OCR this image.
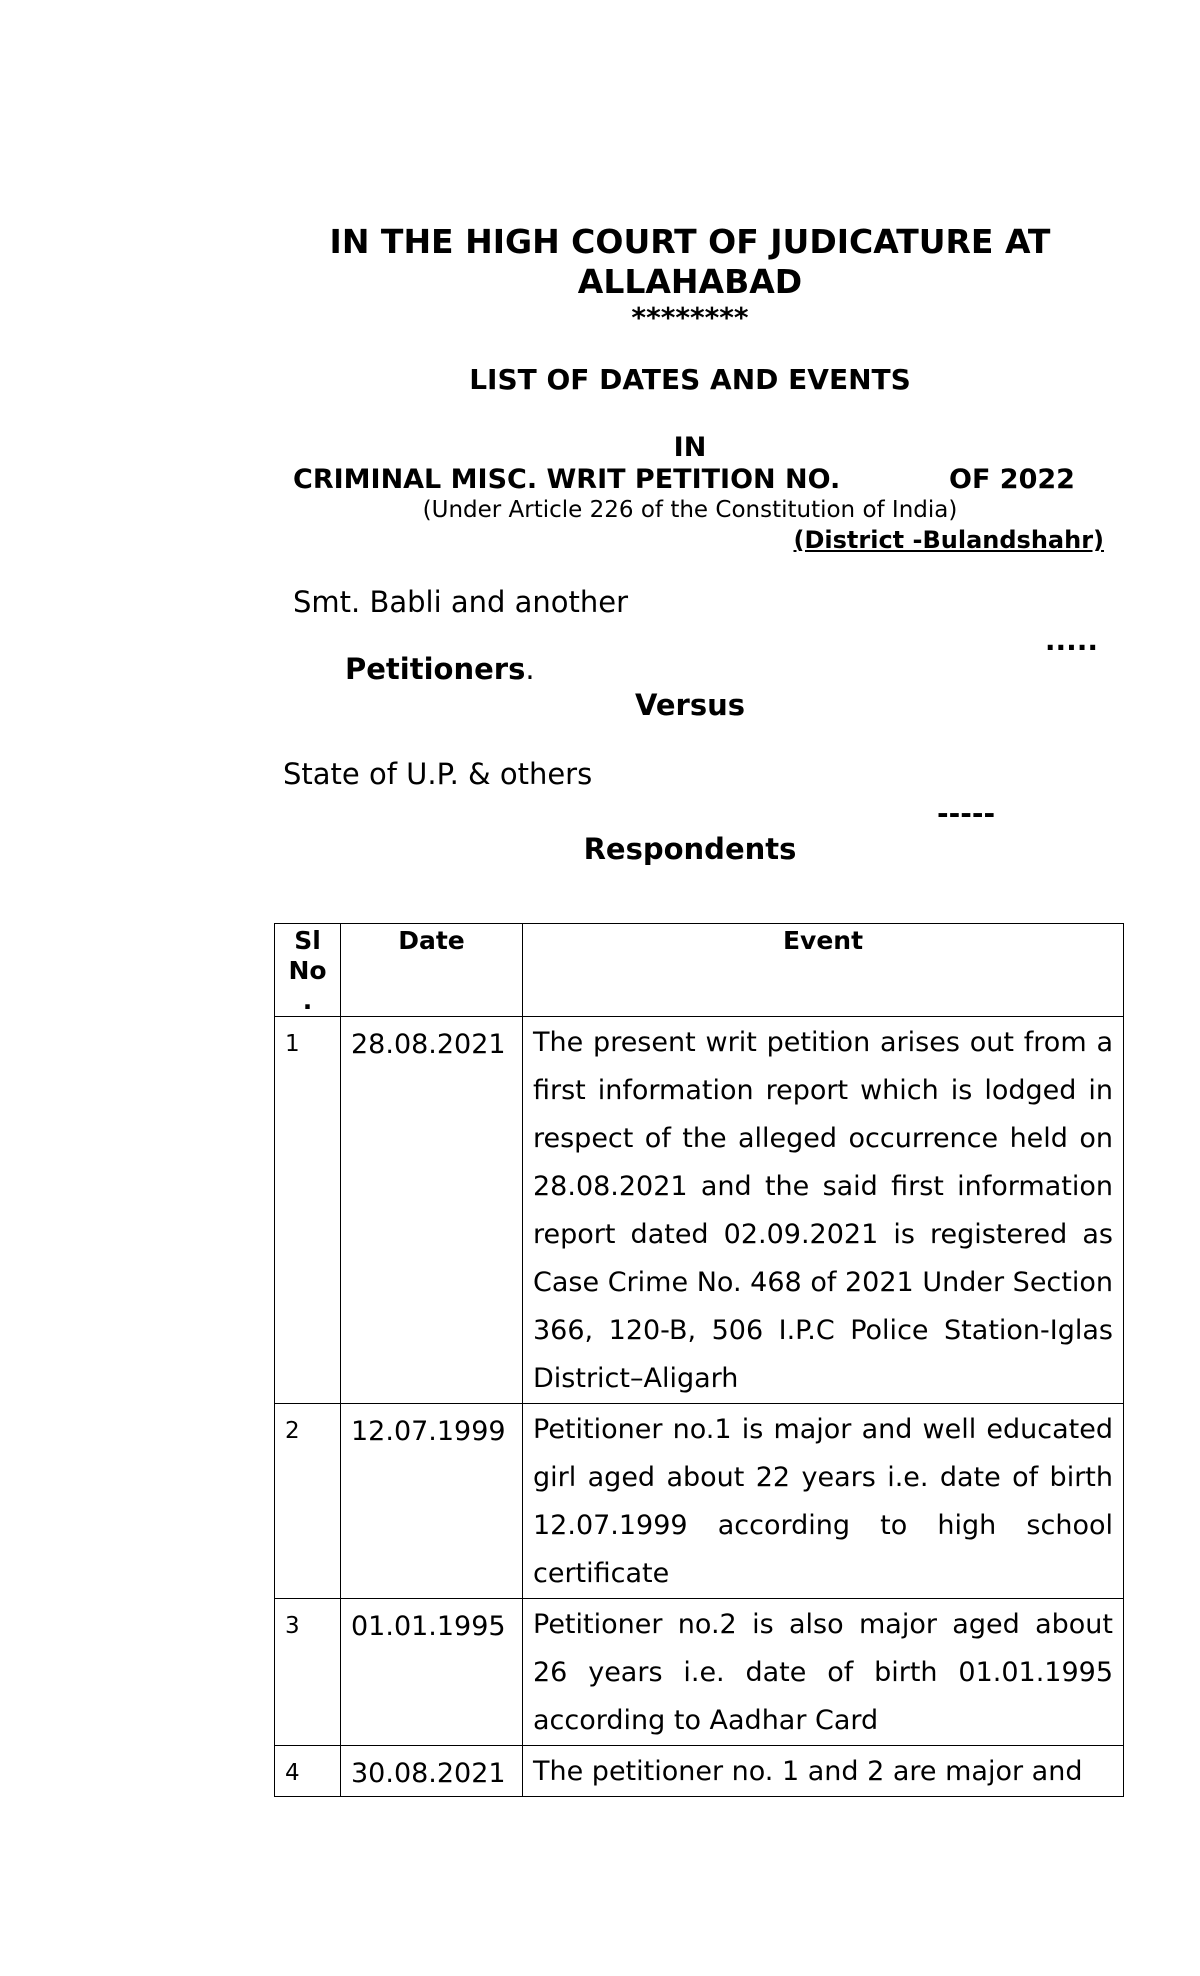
IN THE HIGH COURT OF JUDICATURE AT
ALLAHABAD
********
LIST OF DATES AND EVENTS
IN
CRIMINAL MISC. WRIT PETITION NO.	OF 2022
(Under Article 226 of the Constitution of India)
(District -Bulandshahr)
Smt. Babli and another
.....
Petitioners.
Versus
State of U.P. & others
-----
Respondents
Sl
No
.	Date	Event
1	28.08.2021	The present writ petition arises out from a first information report which is lodged in respect of the alleged occurrence held on 28.08.2021 and the said first information report dated 02.09.2021 is registered as Case Crime No. 468 of 2021 Under Section 366, 120-B, 506 I.P.C Police Station-Iglas District–Aligarh
2	12.07.1999	Petitioner no.1 is major and well educated girl aged about 22 years i.e. date of birth 12.07.1999 according to high school certificate
3	01.01.1995	Petitioner no.2 is also major aged about 26 years i.e. date of birth 01.01.1995 according to Aadhar Card
4	30.08.2021	The petitioner no. 1 and 2 are major and
